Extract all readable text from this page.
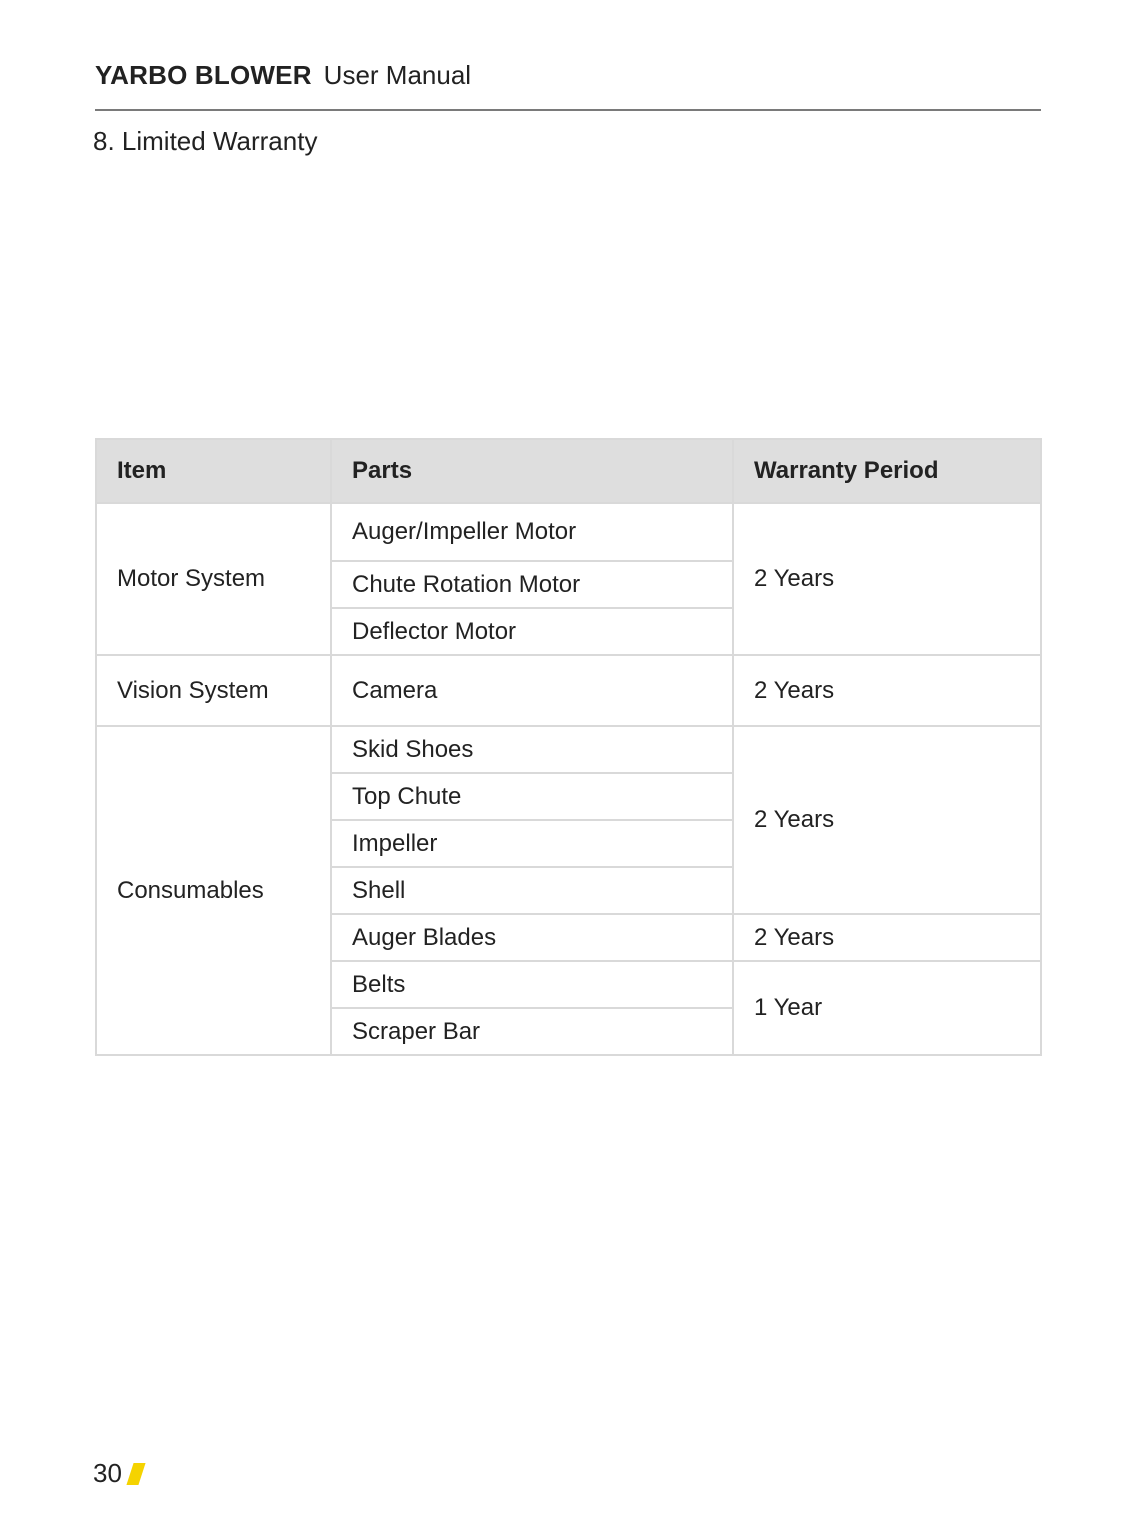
YARBO BLOWER User Manual
8. Limited Warranty
Item	Parts	Warranty Period
Motor System	Auger/Impeller Motor	2 Years
	Chute Rotation Motor	
	Deflector Motor	
Vision System	Camera	2 Years
Consumables	Skid Shoes	2 Years
	Top Chute	
	Impeller	
	Shell	
	Auger Blades	2 Years
	Belts	1 Year
	Scraper Bar	
30
